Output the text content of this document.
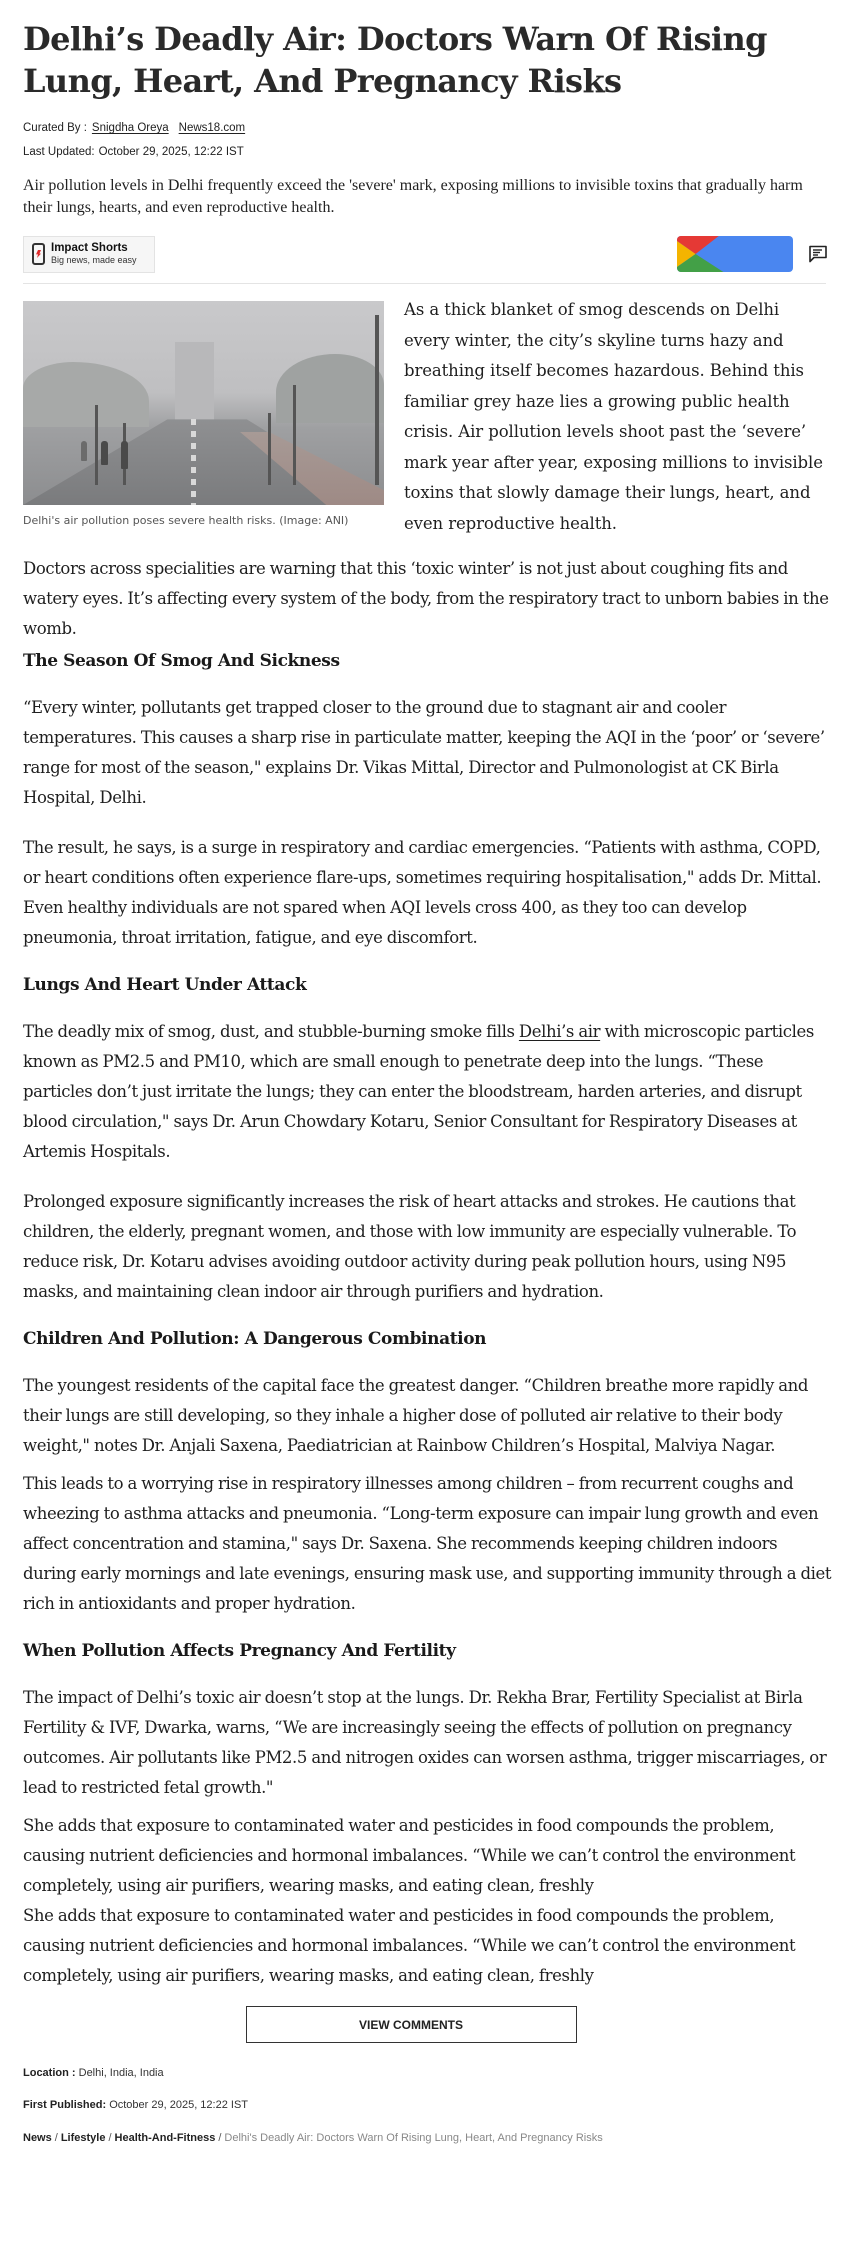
Delhi’s Deadly Air: Doctors Warn Of Rising Lung, Heart, And Pregnancy Risks
Curated By : Snigdha Oreya News18.com
Last Updated: October 29, 2025, 12:22 IST

Air pollution levels in Delhi frequently exceed the 'severe' mark, exposing millions to invisible toxins that gradually harm their lungs, hearts, and even reproductive health.

Impact Shorts
Big news, made easy
Delhi's air pollution poses severe health risks. (Image: ANI)

As a thick blanket of smog descends on Delhi every winter, the city’s skyline turns hazy and breathing itself becomes hazardous. Behind this familiar grey haze lies a growing public health crisis. Air pollution levels shoot past the ‘severe’ mark year after year, exposing millions to invisible toxins that slowly damage their lungs, heart, and even reproductive health.

Doctors across specialities are warning that this ‘toxic winter’ is not just about coughing fits and watery eyes. It’s affecting every system of the body, from the respiratory tract to unborn babies in the womb.

The Season Of Smog And Sickness

“Every winter, pollutants get trapped closer to the ground due to stagnant air and cooler temperatures. This causes a sharp rise in particulate matter, keeping the AQI in the ‘poor’ or ‘severe’ range for most of the season," explains Dr. Vikas Mittal, Director and Pulmonologist at CK Birla Hospital, Delhi.

The result, he says, is a surge in respiratory and cardiac emergencies. “Patients with asthma, COPD, or heart conditions often experience flare-ups, sometimes requiring hospitalisation," adds Dr. Mittal. Even healthy individuals are not spared when AQI levels cross 400, as they too can develop pneumonia, throat irritation, fatigue, and eye discomfort.

Lungs And Heart Under Attack

The deadly mix of smog, dust, and stubble-burning smoke fills Delhi’s air with microscopic particles known as PM2.5 and PM10, which are small enough to penetrate deep into the lungs. “These particles don’t just irritate the lungs; they can enter the bloodstream, harden arteries, and disrupt blood circulation," says Dr. Arun Chowdary Kotaru, Senior Consultant for Respiratory Diseases at Artemis Hospitals.

Prolonged exposure significantly increases the risk of heart attacks and strokes. He cautions that children, the elderly, pregnant women, and those with low immunity are especially vulnerable. To reduce risk, Dr. Kotaru advises avoiding outdoor activity during peak pollution hours, using N95 masks, and maintaining clean indoor air through purifiers and hydration.

Children And Pollution: A Dangerous Combination

The youngest residents of the capital face the greatest danger. “Children breathe more rapidly and their lungs are still developing, so they inhale a higher dose of polluted air relative to their body weight," notes Dr. Anjali Saxena, Paediatrician at Rainbow Children’s Hospital, Malviya Nagar.

This leads to a worrying rise in respiratory illnesses among children – from recurrent coughs and wheezing to asthma attacks and pneumonia. “Long-term exposure can impair lung growth and even affect concentration and stamina," says Dr. Saxena. She recommends keeping children indoors during early mornings and late evenings, ensuring mask use, and supporting immunity through a diet rich in antioxidants and proper hydration.

When Pollution Affects Pregnancy And Fertility

The impact of Delhi’s toxic air doesn’t stop at the lungs. Dr. Rekha Brar, Fertility Specialist at Birla Fertility & IVF, Dwarka, warns, “We are increasingly seeing the effects of pollution on pregnancy outcomes. Air pollutants like PM2.5 and nitrogen oxides can worsen asthma, trigger miscarriages, or lead to restricted fetal growth."

She adds that exposure to contaminated water and pesticides in food compounds the problem, causing nutrient deficiencies and hormonal imbalances. “While we can’t control the environment completely, using air purifiers, wearing masks, and eating clean, freshly

She adds that exposure to contaminated water and pesticides in food compounds the problem, causing nutrient deficiencies and hormonal imbalances. “While we can’t control the environment completely, using air purifiers, wearing masks, and eating clean, freshly

VIEW COMMENTS
Location : Delhi, India, India
First Published: October 29, 2025, 12:22 IST
News / Lifestyle / Health-And-Fitness / Delhi's Deadly Air: Doctors Warn Of Rising Lung, Heart, And Pregnancy Risks
